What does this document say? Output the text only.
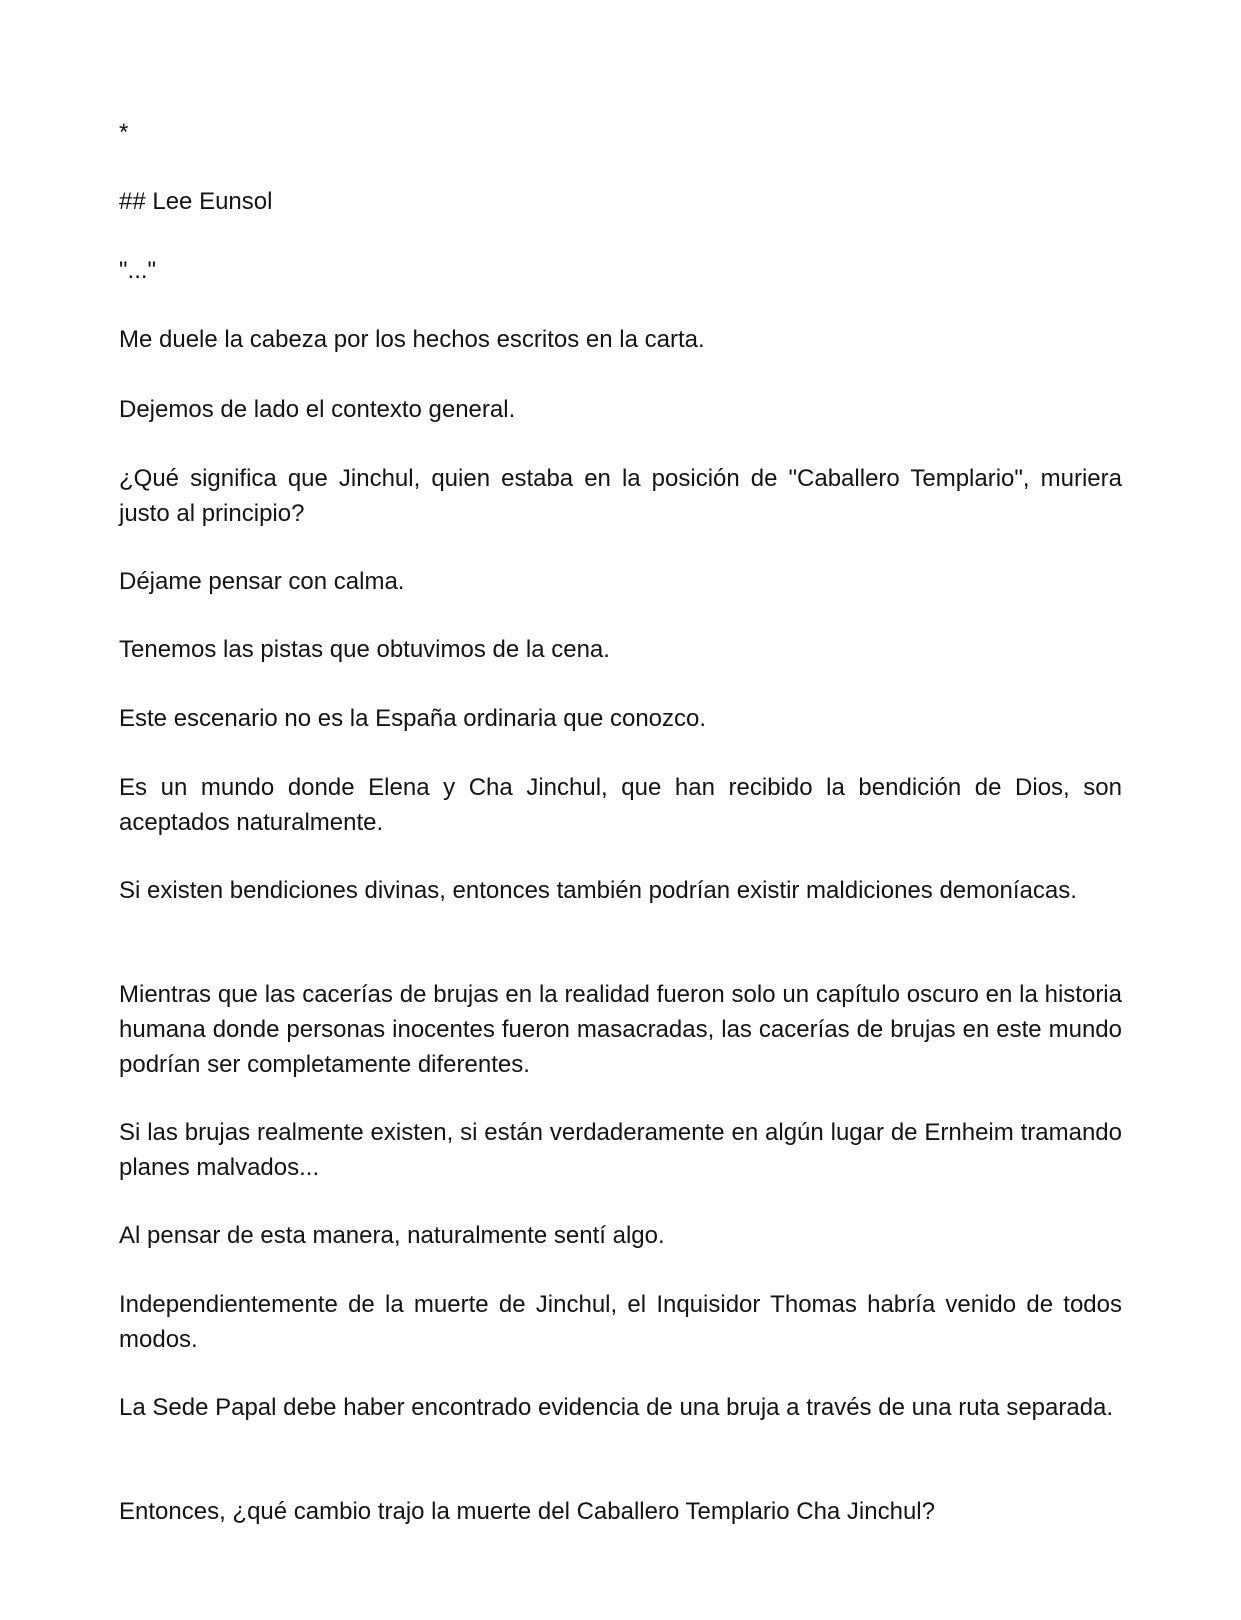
*

## Lee Eunsol

"..."

Me duele la cabeza por los hechos escritos en la carta.

Dejemos de lado el contexto general.

¿Qué significa que Jinchul, quien estaba en la posición de "Caballero Templario", muriera justo al principio?

Déjame pensar con calma.

Tenemos las pistas que obtuvimos de la cena.

Este escenario no es la España ordinaria que conozco.

Es un mundo donde Elena y Cha Jinchul, que han recibido la bendición de Dios, son aceptados naturalmente.

Si existen bendiciones divinas, entonces también podrían existir maldiciones demoníacas.

Mientras que las cacerías de brujas en la realidad fueron solo un capítulo oscuro en la historia humana donde personas inocentes fueron masacradas, las cacerías de brujas en este mundo podrían ser completamente diferentes.

Si las brujas realmente existen, si están verdaderamente en algún lugar de Ernheim tramando planes malvados...

Al pensar de esta manera, naturalmente sentí algo.

Independientemente de la muerte de Jinchul, el Inquisidor Thomas habría venido de todos modos.

La Sede Papal debe haber encontrado evidencia de una bruja a través de una ruta separada.

Entonces, ¿qué cambio trajo la muerte del Caballero Templario Cha Jinchul?
